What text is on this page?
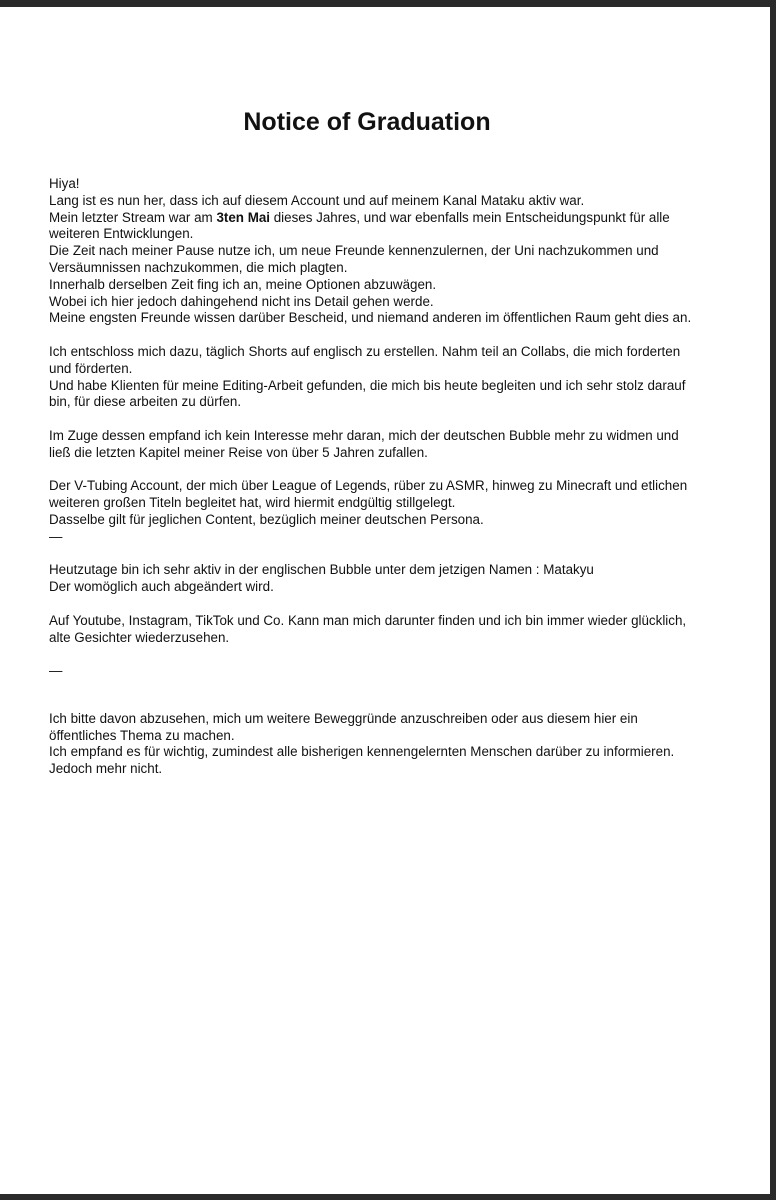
Notice of Graduation

Hiya!
Lang ist es nun her, dass ich auf diesem Account und auf meinem Kanal Mataku aktiv war.
Mein letzter Stream war am 3ten Mai dieses Jahres, und war ebenfalls mein Entscheidungspunkt für alle weiteren Entwicklungen.
Die Zeit nach meiner Pause nutze ich, um neue Freunde kennenzulernen, der Uni nachzukommen und Versäumnissen nachzukommen, die mich plagten.
Innerhalb derselben Zeit fing ich an, meine Optionen abzuwägen.
Wobei ich hier jedoch dahingehend nicht ins Detail gehen werde.
Meine engsten Freunde wissen darüber Bescheid, und niemand anderen im öffentlichen Raum geht dies an.

Ich entschloss mich dazu, täglich Shorts auf englisch zu erstellen. Nahm teil an Collabs, die mich forderten und förderten.
Und habe Klienten für meine Editing-Arbeit gefunden, die mich bis heute begleiten und ich sehr stolz darauf bin, für diese arbeiten zu dürfen.

Im Zuge dessen empfand ich kein Interesse mehr daran, mich der deutschen Bubble mehr zu widmen und ließ die letzten Kapitel meiner Reise von über 5 Jahren zufallen.

Der V-Tubing Account, der mich über League of Legends, rüber zu ASMR, hinweg zu Minecraft und etlichen weiteren großen Titeln begleitet hat, wird hiermit endgültig stillgelegt.
Dasselbe gilt für jeglichen Content, bezüglich meiner deutschen Persona.
—

Heutzutage bin ich sehr aktiv in der englischen Bubble unter dem jetzigen Namen : Matakyu
Der womöglich auch abgeändert wird.

Auf Youtube, Instagram, TikTok und Co. Kann man mich darunter finden und ich bin immer wieder glücklich, alte Gesichter wiederzusehen.

—

Ich bitte davon abzusehen, mich um weitere Beweggründe anzuschreiben oder aus diesem hier ein öffentliches Thema zu machen.
Ich empfand es für wichtig, zumindest alle bisherigen kennengelernten Menschen darüber zu informieren.
Jedoch mehr nicht.
